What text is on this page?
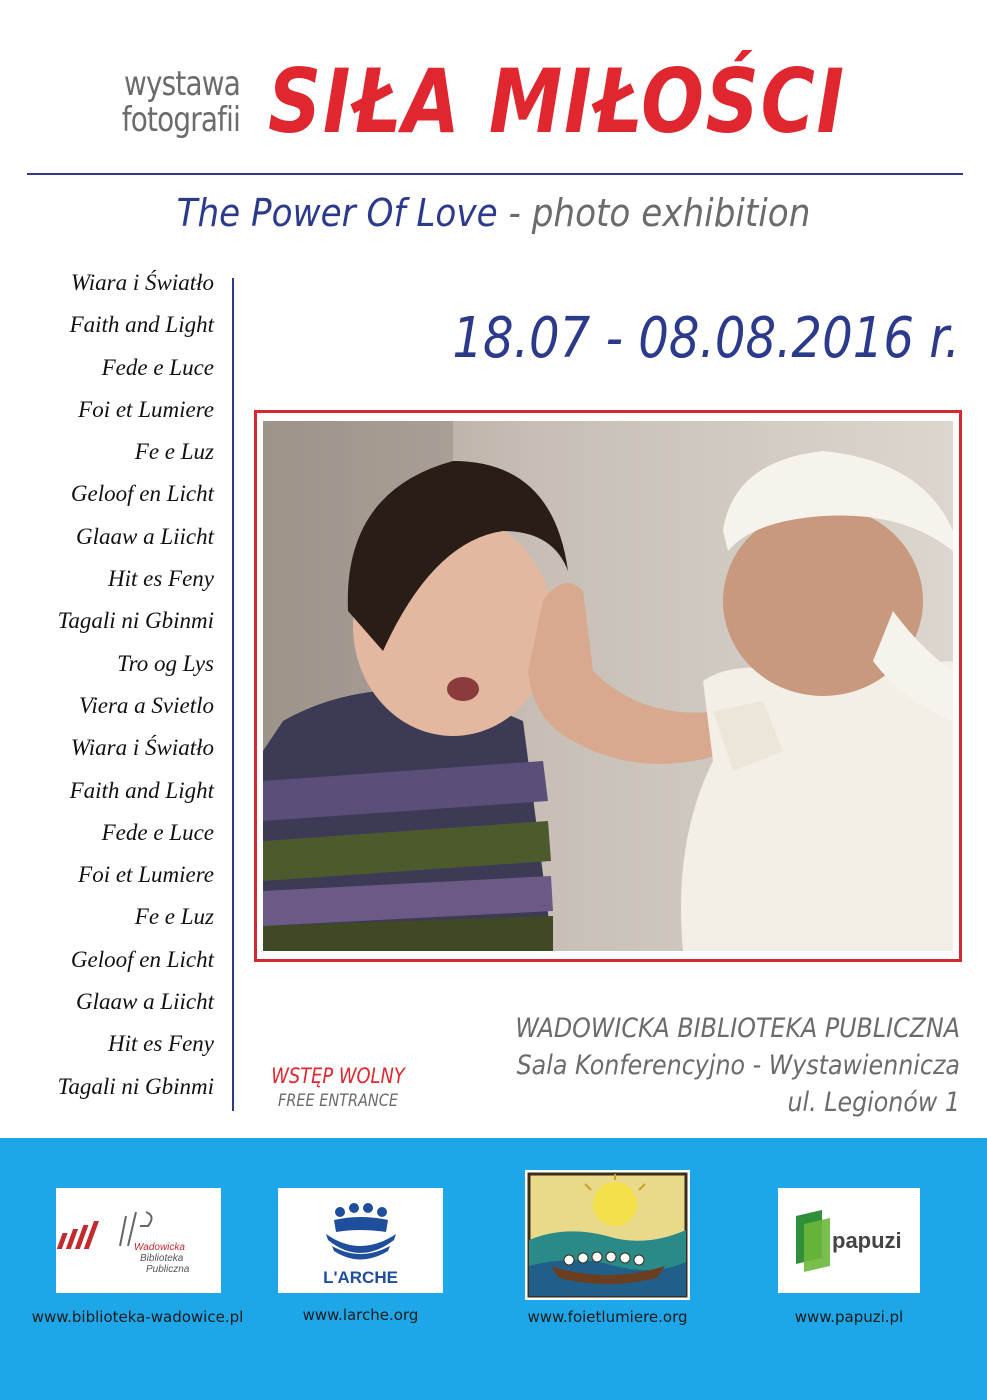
wystawa
fotografii SIŁA MIŁOŚCI
The Power Of Love - photo exhibition
Wiara i Światło
Faith and Light
Fede e Luce
Foi et Lumiere
Fe e Luz
Geloof en Licht
Glaaw a Liicht
Hit es Feny
Tagali ni Gbinmi
Tro og Lys
Viera a Svietlo
Wiara i Światło
Faith and Light
Fede e Luce
Foi et Lumiere
Fe e Luz
Geloof en Licht
Glaaw a Liicht
Hit es Feny
Tagali ni Gbinmi
18.07 - 08.08.2016 r.
WSTĘP WOLNY
FREE ENTRANCE
WADOWICKA BIBLIOTEKA PUBLICZNA
Sala Konferencyjno - Wystawiennicza
ul. Legionów 1
Wadowicka
Biblioteka
Publiczna
www.biblioteka-wadowice.pl
L'ARCHE
www.larche.org	www.foietlumiere.org
papuzi
www.papuzi.pl
